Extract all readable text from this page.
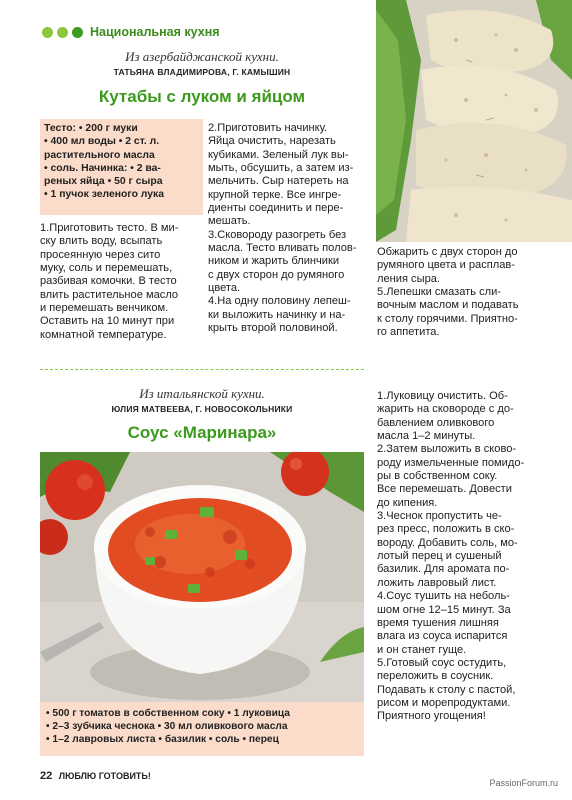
Национальная кухня
Из азербайджанской кухни.
ТАТЬЯНА ВЛАДИМИРОВА, Г. КАМЫШИН
Кутабы с луком и яйцом
Тесто: • 200 г муки
• 400 мл воды • 2 ст. л.
растительного масла
• соль. Начинка: • 2 ва-
реных яйца • 50 г сыра
• 1 пучок зеленого лука

1.Приготовить тесто. В ми-

ску влить воду, всыпать

просеянную через сито

муку, соль и перемешать,

разбивая комочки. В тесто

влить растительное масло

и перемешать венчиком.

Оставить на 10 минут при

комнатной температуре.

2.Приготовить начинку.

Яйца очистить, нарезать

кубиками. Зеленый лук вы-

мыть, обсушить, а затем из-

мельчить. Сыр натереть на

крупной терке. Все ингре-

диенты соединить и пере-

мешать.

3.Сковороду разогреть без

масла. Тесто вливать полов-

ником и жарить блинчики

с двух сторон до румяного

цвета.

4.На одну половину лепеш-

ки выложить начинку и на-

крыть второй половиной.

Обжарить с двух сторон до

румяного цвета и расплав-

ления сыра.

5.Лепешки смазать сли-

вочным маслом и подавать

к столу горячими. Приятно-

го аппетита.

Из итальянской кухни.
ЮЛИЯ МАТВЕЕВА, Г. НОВОСОКОЛЬНИКИ
Соус «Маринара»
• 500 г томатов в собственном соку • 1 луковица
• 2–3 зубчика чеснока • 30 мл оливкового масла
• 1–2 лавровых листа • базилик • соль • перец

1.Луковицу очистить. Об-

жарить на сковороде с до-

бавлением оливкового

масла 1–2 минуты.

2.Затем выложить в сково-

роду измельченные помидо-

ры в собственном соку.

Все перемешать. Довести

до кипения.

3.Чеснок пропустить че-

рез пресс, положить в ско-

вороду. Добавить соль, мо-

лотый перец и сушеный

базилик. Для аромата по-

ложить лавровый лист.

4.Соус тушить на неболь-

шом огне 12–15 минут. За

время тушения лишняя

влага из соуса испарится

и он станет гуще.

5.Готовый соус остудить,

переложить в соусник.

Подавать к столу с пастой,

рисом и морепродуктами.

Приятного угощения!

22 ЛЮБЛЮ ГОТОВИТЬ!
PassionForum.ru
